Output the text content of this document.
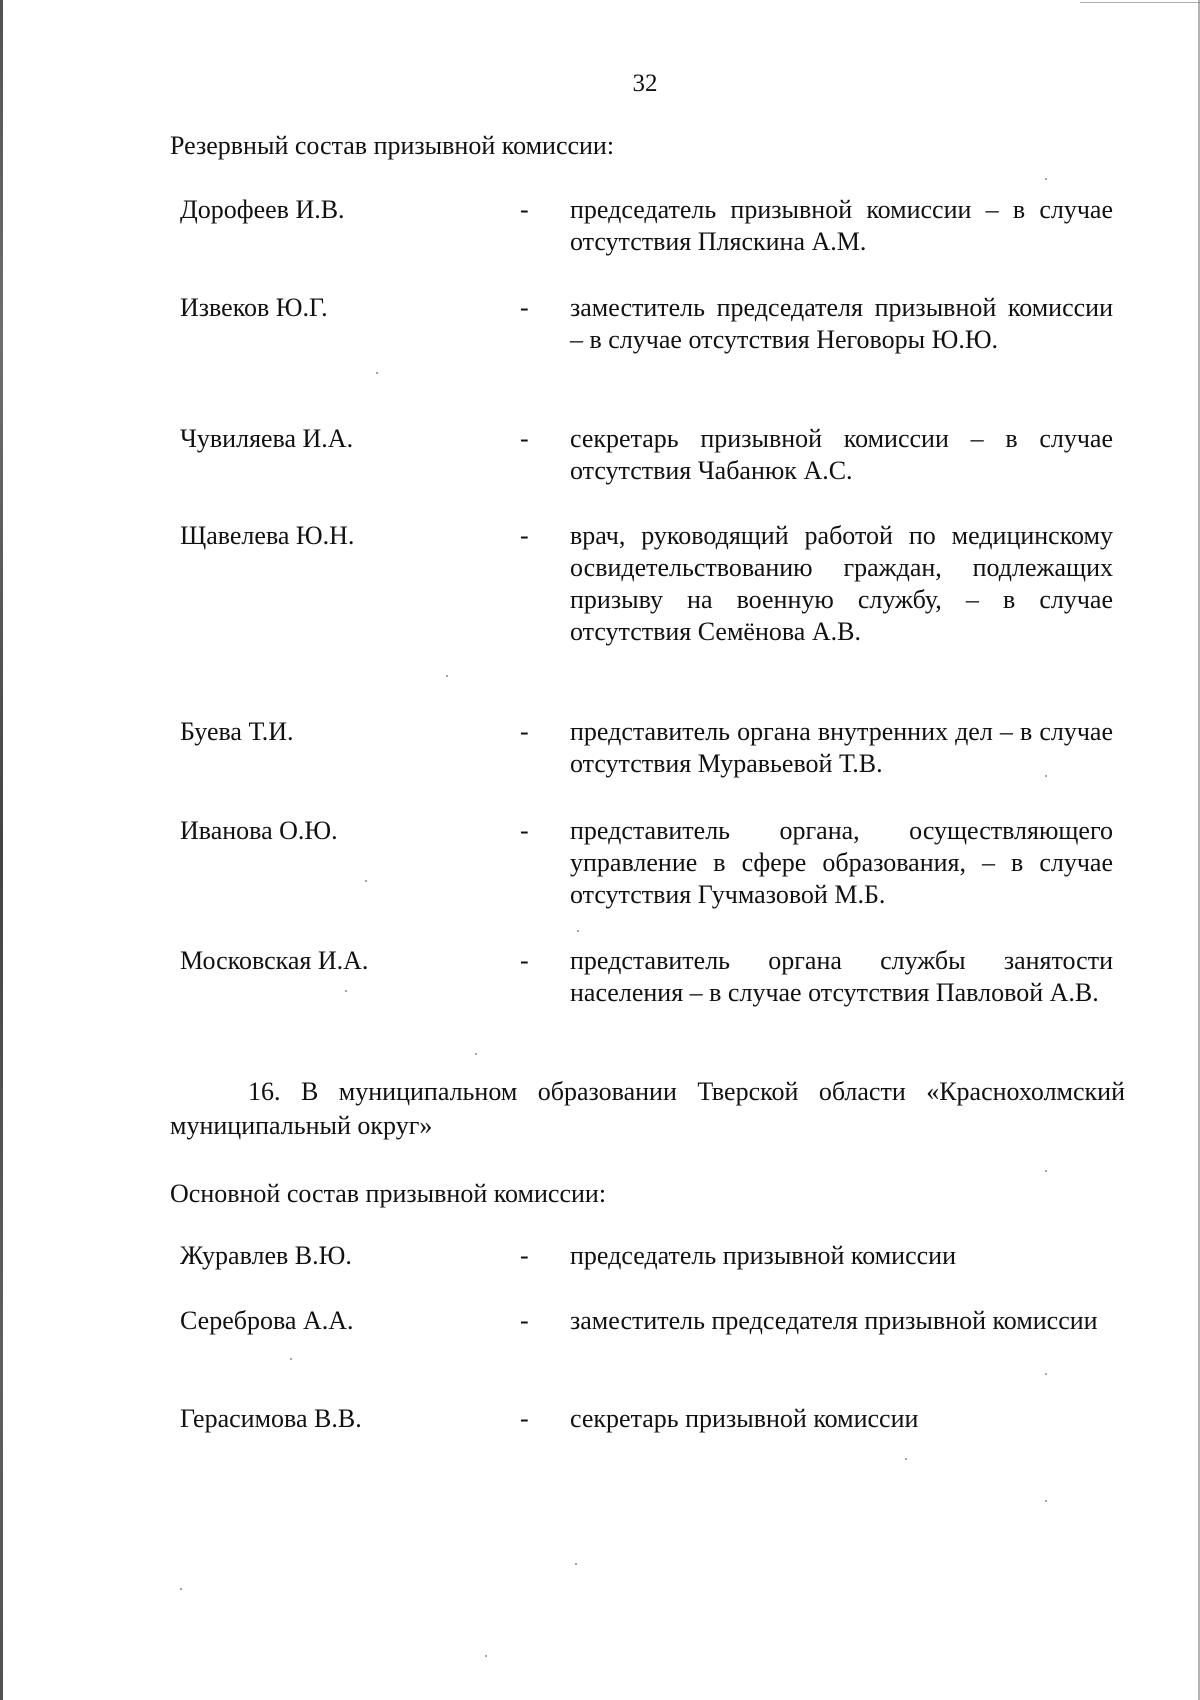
32
Резервный состав призывной комиссии:
Дорофеев И.В.	- председатель призывной комиссии – в случае отсутствия Пляскина А.М.
Извеков Ю.Г.	- заместитель председателя призывной комиссии – в случае отсутствия Неговоры Ю.Ю.
Чувиляева И.А.	- секретарь призывной комиссии – в случае отсутствия Чабанюк А.С.
Щавелева Ю.Н.	- врач, руководящий работой по медицинскому освидетельствованию граждан, подлежащих призыву на военную службу, – в случае отсутствия Семёнова А.В.
Буева Т.И.	- представитель органа внутренних дел – в случае отсутствия Муравьевой Т.В.
Иванова О.Ю.	- представитель органа, осуществляющего управление в сфере образования, – в случае отсутствия Гучмазовой М.Б.
Московская И.А.	- представитель органа службы занятости населения – в случае отсутствия Павловой А.В.
16. В муниципальном образовании Тверской области «Краснохолмский муниципальный округ»
Основной состав призывной комиссии:
Журавлев В.Ю.	- председатель призывной комиссии
Сереброва А.А.	- заместитель председателя призывной комиссии
Герасимова В.В.	- секретарь призывной комиссии
